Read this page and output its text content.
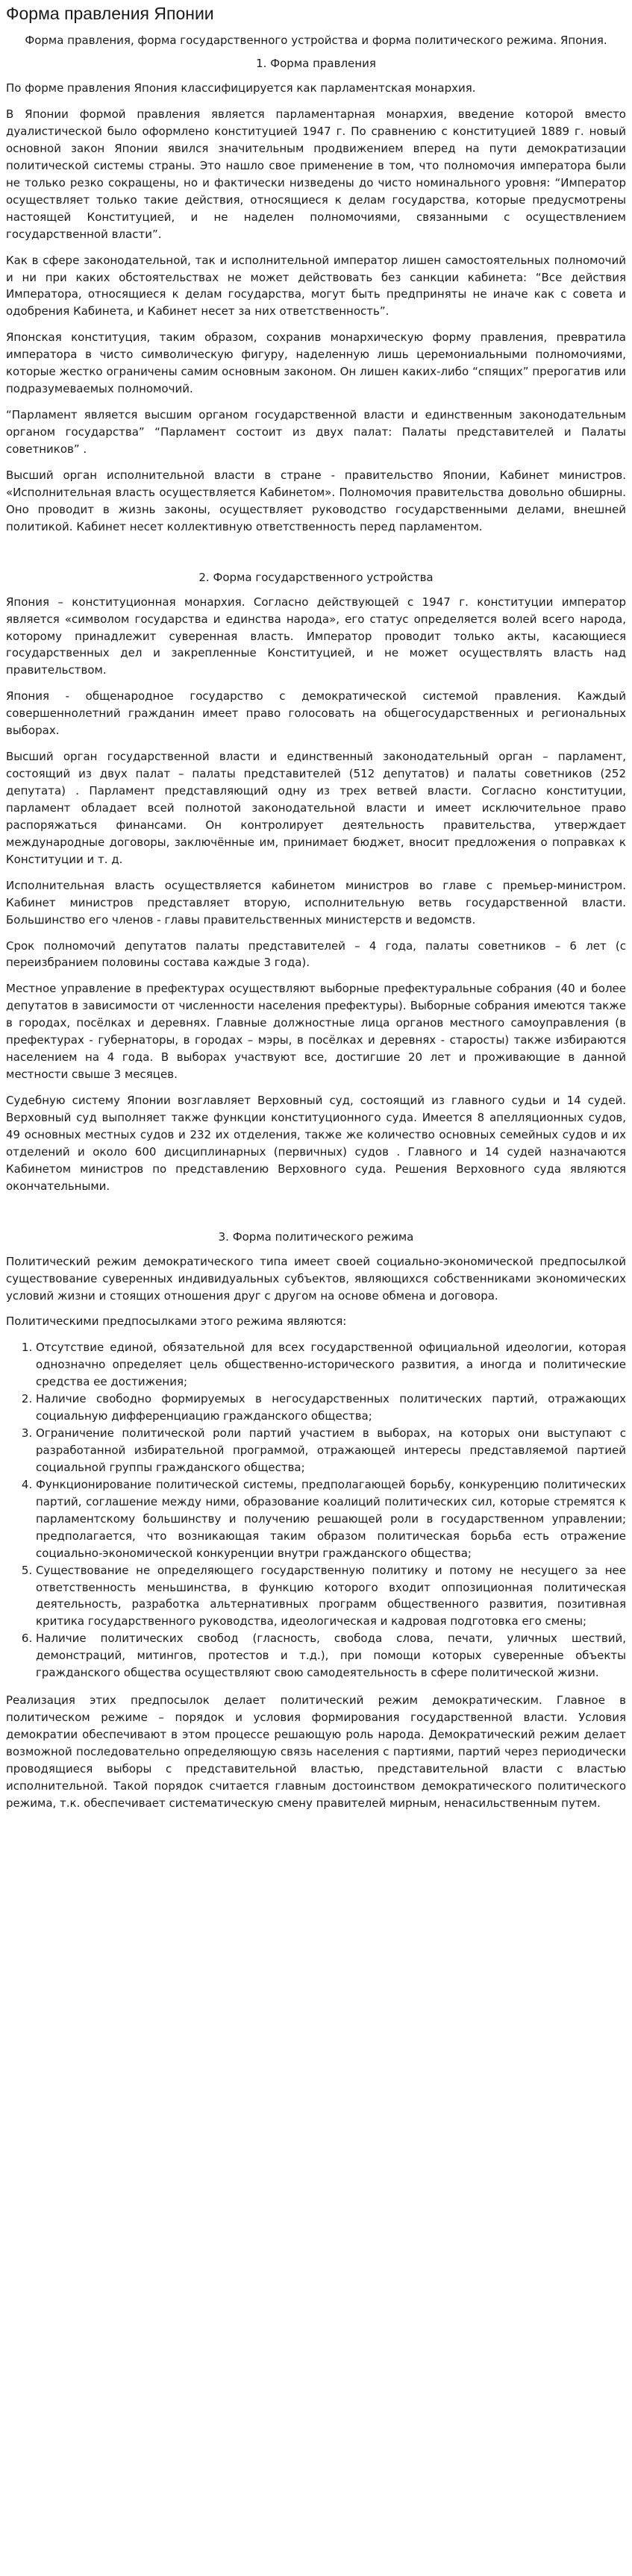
Форма правления Японии

Форма правления, форма государственного устройства и форма политического режима. Япония.

1. Форма правления

По форме правления Япония классифицируется как парламентская монархия.

В Японии формой правления является парламентарная монархия, введение которой вместо дуалистической было оформлено конституцией 1947 г. По сравнению с конституцией 1889 г. новый основной закон Японии явился значительным продвижением вперед на пути демократизации политической системы страны. Это нашло свое применение в том, что полномочия императора были не только резко сокращены, но и фактически низведены до чисто номинального уровня: “Император осуществляет только такие действия, относящиеся к делам государства, которые предусмотрены настоящей Конституцией, и не наделен полномочиями, связанными с осуществлением государственной власти”.

Как в сфере законодательной, так и исполнительной император лишен самостоятельных полномочий и ни при каких обстоятельствах не может действовать без санкции кабинета: “Все действия Императора, относящиеся к делам государства, могут быть предприняты не иначе как с совета и одобрения Кабинета, и Кабинет несет за них ответственность”.

Японская конституция, таким образом, сохранив монархическую форму правления, превратила императора в чисто символическую фигуру, наделенную лишь церемониальными полномочиями, которые жестко ограничены самим основным законом. Он лишен каких-либо “спящих” прерогатив или подразумеваемых полномочий.

“Парламент является высшим органом государственной власти и единственным законодательным органом государства” “Парламент состоит из двух палат: Палаты представителей и Палаты советников” .

Высший орган исполнительной власти в стране - правительство Японии, Кабинет министров. «Исполнительная власть осуществляется Кабинетом». Полномочия правительства довольно обширны. Оно проводит в жизнь законы, осуществляет руководство государственными делами, внешней политикой. Кабинет несет коллективную ответственность перед парламентом.

2. Форма государственного устройства

Япония – конституционная монархия. Согласно действующей с 1947 г. конституции император является «символом государства и единства народа», его статус определяется волей всего народа, которому принадлежит суверенная власть. Император проводит только акты, касающиеся государственных дел и закрепленные Конституцией, и не может осуществлять власть над правительством.

Япония - общенародное государство с демократической системой правления. Каждый совершеннолетний гражданин имеет право голосовать на общегосударственных и региональных выборах.

Высший орган государственной власти и единственный законодательный орган – парламент, состоящий из двух палат – палаты представителей (512 депутатов) и палаты советников (252 депутата) . Парламент представляющий одну из трех ветвей власти. Согласно конституции, парламент обладает всей полнотой законодательной власти и имеет исключительное право распоряжаться финансами. Он контролирует деятельность правительства, утверждает международные договоры, заключённые им, принимает бюджет, вносит предложения о поправках к Конституции и т. д.

Исполнительная власть осуществляется кабинетом министров во главе с премьер-министром. Кабинет министров представляет вторую, исполнительную ветвь государственной власти. Большинство его членов - главы правительственных министерств и ведомств.

Срок полномочий депутатов палаты представителей – 4 года, палаты советников – 6 лет (с переизбранием половины состава каждые 3 года).

Местное управление в префектурах осуществляют выборные префектуральные собрания (40 и более депутатов в зависимости от численности населения префектуры). Выборные собрания имеются также в городах, посёлках и деревнях. Главные должностные лица органов местного самоуправления (в префектурах - губернаторы, в городах – мэры, в посёлках и деревнях - старосты) также избираются населением на 4 года. В выборах участвуют все, достигшие 20 лет и проживающие в данной местности свыше 3 месяцев.

Судебную систему Японии возглавляет Верховный суд, состоящий из главного судьи и 14 судей. Верховный суд выполняет также функции конституционного суда. Имеется 8 апелляционных судов, 49 основных местных судов и 232 их отделения, также же количество основных семейных судов и их отделений и около 600 дисциплинарных (первичных) судов . Главного и 14 судей назначаются Кабинетом министров по представлению Верховного суда. Решения Верховного суда являются окончательными.

3. Форма политического режима

Политический режим демократического типа имеет своей социально-экономической предпосылкой существование суверенных индивидуальных субъектов, являющихся собственниками экономических условий жизни и стоящих отношения друг с другом на основе обмена и договора.

Политическими предпосылками этого режима являются:

1. Отсутствие единой, обязательной для всех государственной официальной идеологии, которая однозначно определяет цель общественно-исторического развития, а иногда и политические средства ее достижения;
2. Наличие свободно формируемых в негосударственных политических партий, отражающих социальную дифференциацию гражданского общества;
3. Ограничение политической роли партий участием в выборах, на которых они выступают с разработанной избирательной программой, отражающей интересы представляемой партией социальной группы гражданского общества;
4. Функционирование политической системы, предполагающей борьбу, конкуренцию политических партий, соглашение между ними, образование коалиций политических сил, которые стремятся к парламентскому большинству и получению решающей роли в государственном управлении; предполагается, что возникающая таким образом политическая борьба есть отражение социально-экономической конкуренции внутри гражданского общества;
5. Существование не определяющего государственную политику и потому не несущего за нее ответственность меньшинства, в функцию которого входит оппозиционная политическая деятельность, разработка альтернативных программ общественного развития, позитивная критика государственного руководства, идеологическая и кадровая подготовка его смены;
6. Наличие политических свобод (гласность, свобода слова, печати, уличных шествий, демонстраций, митингов, протестов и т.д.), при помощи которых суверенные объекты гражданского общества осуществляют свою самодеятельность в сфере политической жизни.

Реализация этих предпосылок делает политический режим демократическим. Главное в политическом режиме – порядок и условия формирования государственной власти. Условия демократии обеспечивают в этом процессе решающую роль народа. Демократический режим делает возможной последовательно определяющую связь населения с партиями, партий через периодически проводящиеся выборы с представительной властью, представительной власти с властью исполнительной. Такой порядок считается главным достоинством демократического политического режима, т.к. обеспечивает систематическую смену правителей мирным, ненасильственным путем.
